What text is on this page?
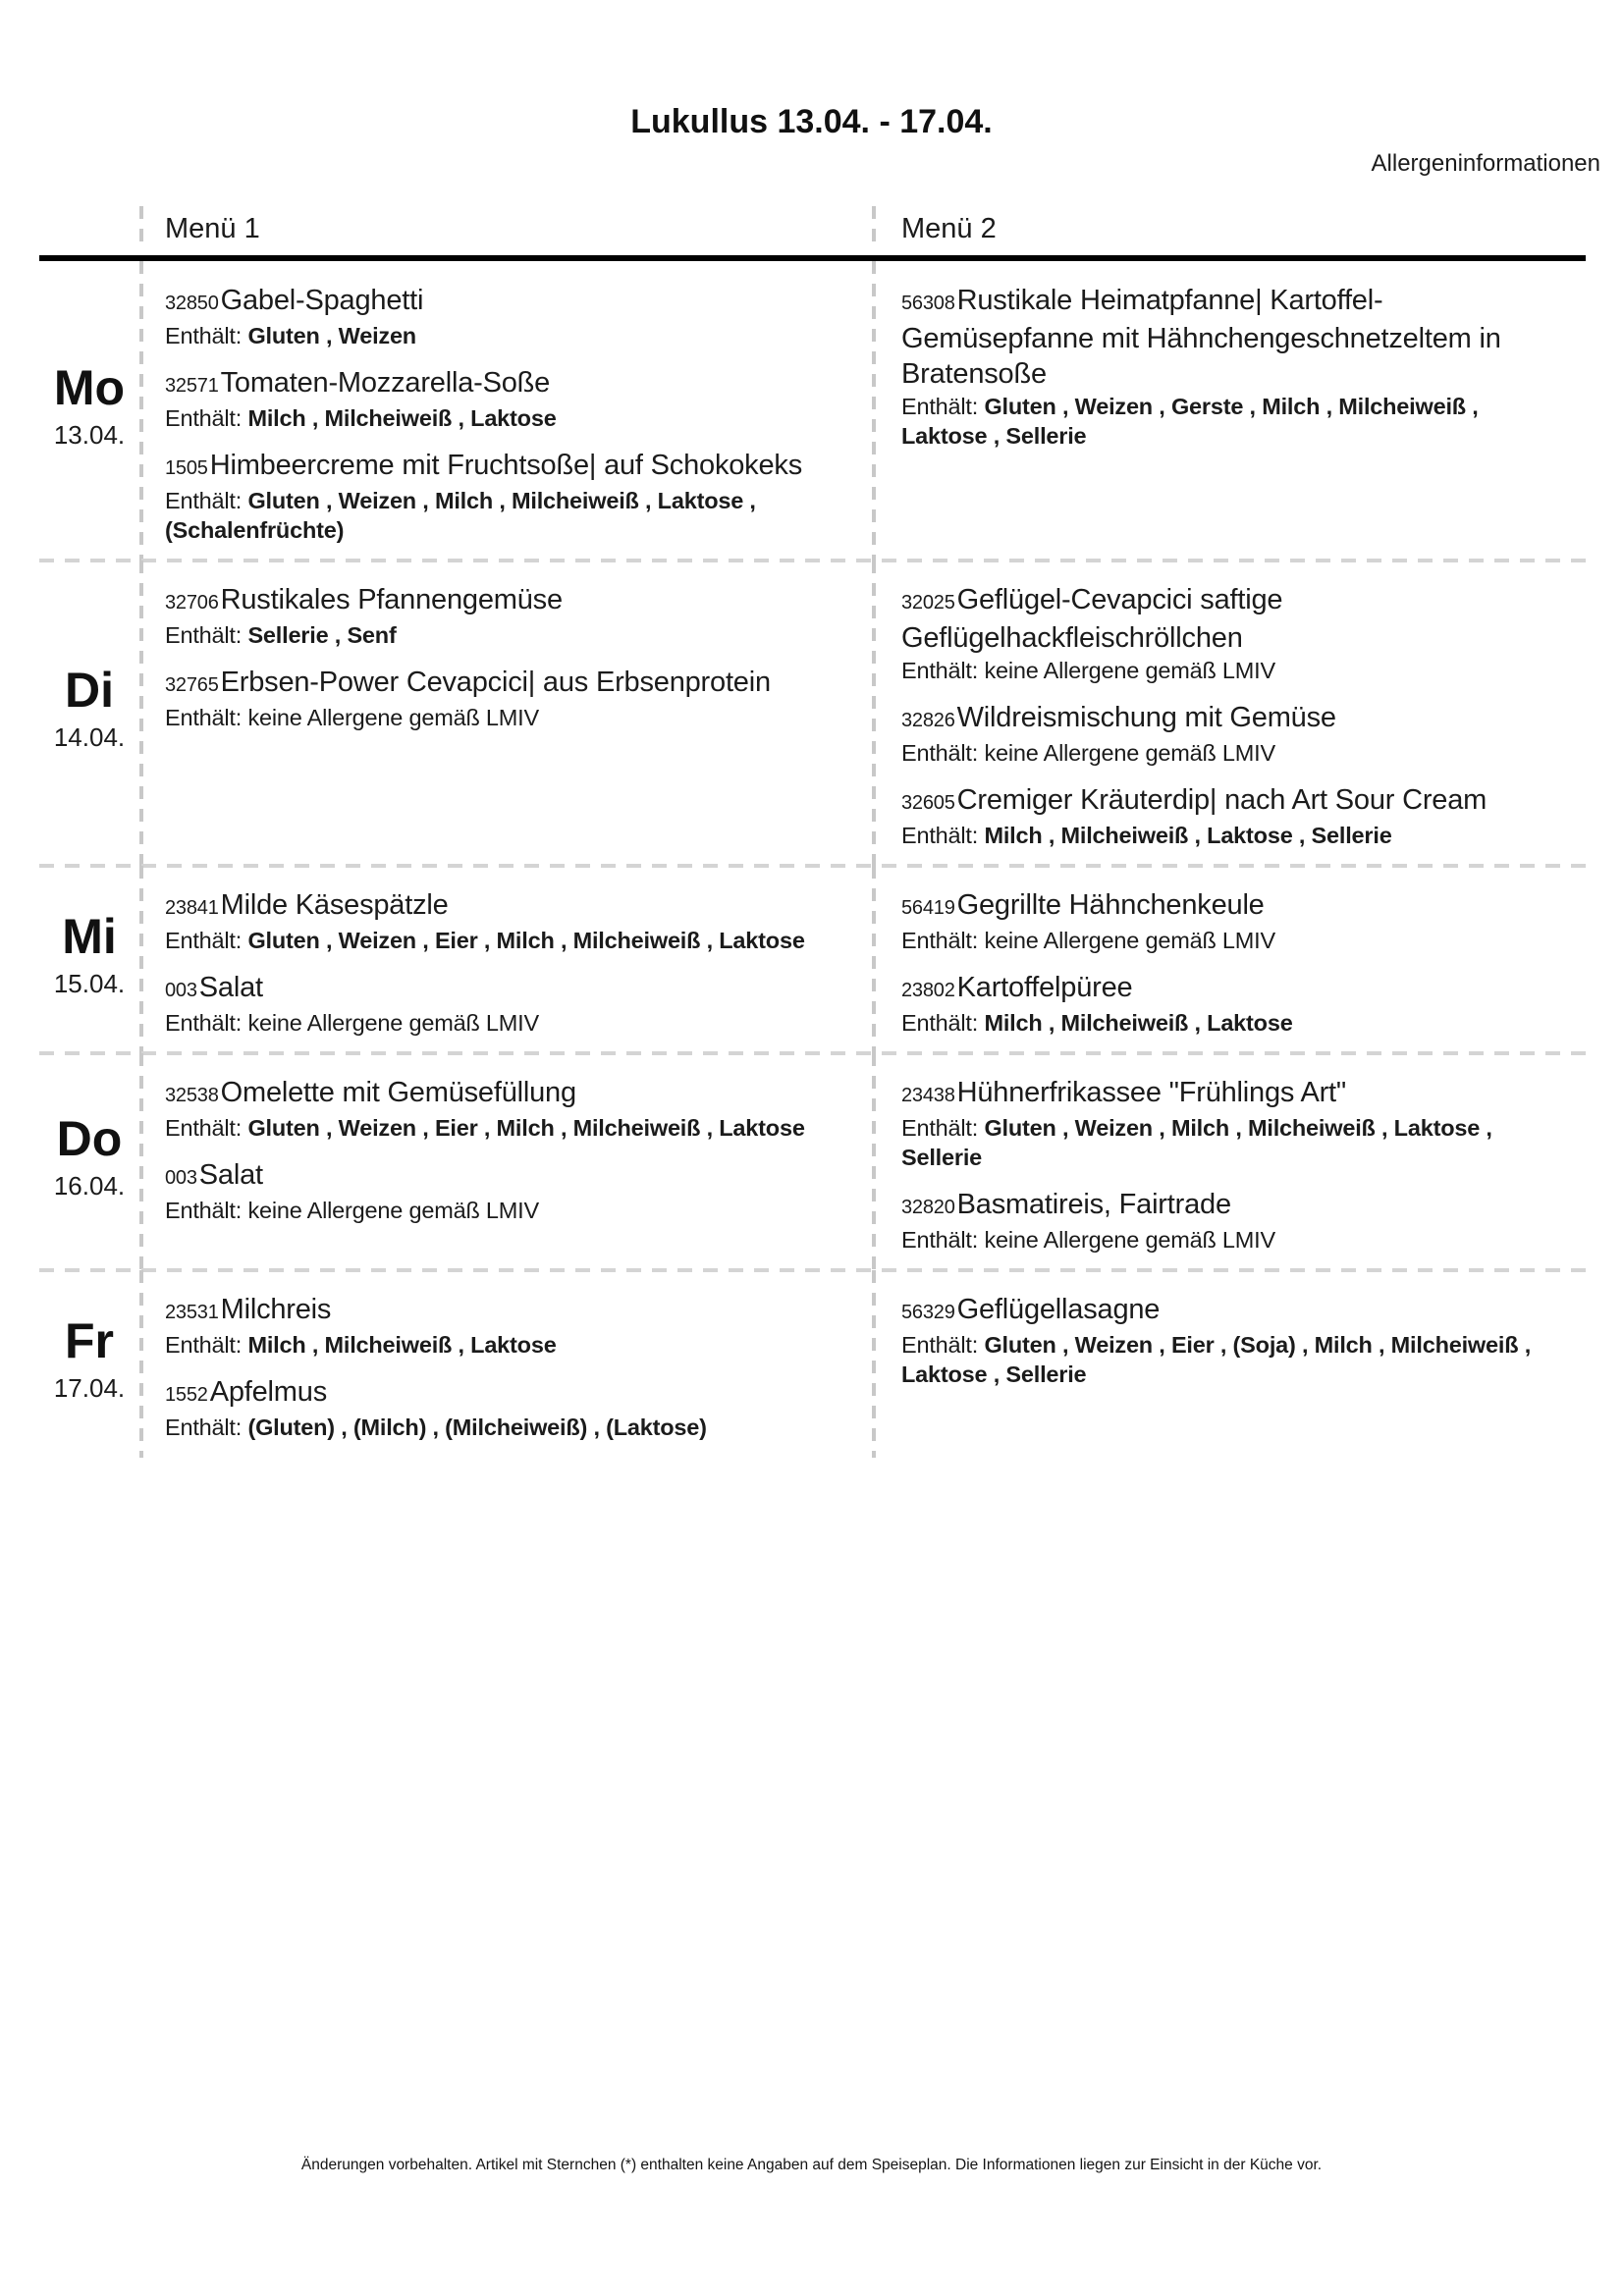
Lukullus 13.04. - 17.04.
Allergeninformationen
Menü 1	Menü 2
Mo
13.04.
32850Gabel-Spaghetti
Enthält: Gluten , Weizen
32571Tomaten-Mozzarella-Soße
Enthält: Milch , Milcheiweiß , Laktose
1505Himbeercreme mit Fruchtsoße| auf Schokokeks
Enthält: Gluten , Weizen , Milch , Milcheiweiß , Laktose , (Schalenfrüchte)
56308Rustikale Heimatpfanne| Kartoffel-Gemüsepfanne mit Hähnchengeschnetzeltem in Bratensoße
Enthält: Gluten , Weizen , Gerste , Milch , Milcheiweiß , Laktose , Sellerie
Di
14.04.
32706Rustikales Pfannengemüse
Enthält: Sellerie , Senf
32765Erbsen-Power Cevapcici| aus Erbsenprotein
Enthält: keine Allergene gemäß LMIV
32025Geflügel-Cevapcici saftige Geflügelhackfleischröllchen
Enthält: keine Allergene gemäß LMIV
32826Wildreismischung mit Gemüse
Enthält: keine Allergene gemäß LMIV
32605Cremiger Kräuterdip| nach Art Sour Cream
Enthält: Milch , Milcheiweiß , Laktose , Sellerie
Mi
15.04.
23841Milde Käsespätzle
Enthält: Gluten , Weizen , Eier , Milch , Milcheiweiß , Laktose
003Salat
Enthält: keine Allergene gemäß LMIV
56419Gegrillte Hähnchenkeule
Enthält: keine Allergene gemäß LMIV
23802Kartoffelpüree
Enthält: Milch , Milcheiweiß , Laktose
Do
16.04.
32538Omelette mit Gemüsefüllung
Enthält: Gluten , Weizen , Eier , Milch , Milcheiweiß , Laktose
003Salat
Enthält: keine Allergene gemäß LMIV
23438Hühnerfrikassee "Frühlings Art"
Enthält: Gluten , Weizen , Milch , Milcheiweiß , Laktose , Sellerie
32820Basmatireis, Fairtrade
Enthält: keine Allergene gemäß LMIV
Fr
17.04.
23531Milchreis
Enthält: Milch , Milcheiweiß , Laktose
1552Apfelmus
Enthält: (Gluten) , (Milch) , (Milcheiweiß) , (Laktose)
56329Geflügellasagne
Enthält: Gluten , Weizen , Eier , (Soja) , Milch , Milcheiweiß , Laktose , Sellerie
Änderungen vorbehalten. Artikel mit Sternchen (*) enthalten keine Angaben auf dem Speiseplan. Die Informationen liegen zur Einsicht in der Küche vor.
